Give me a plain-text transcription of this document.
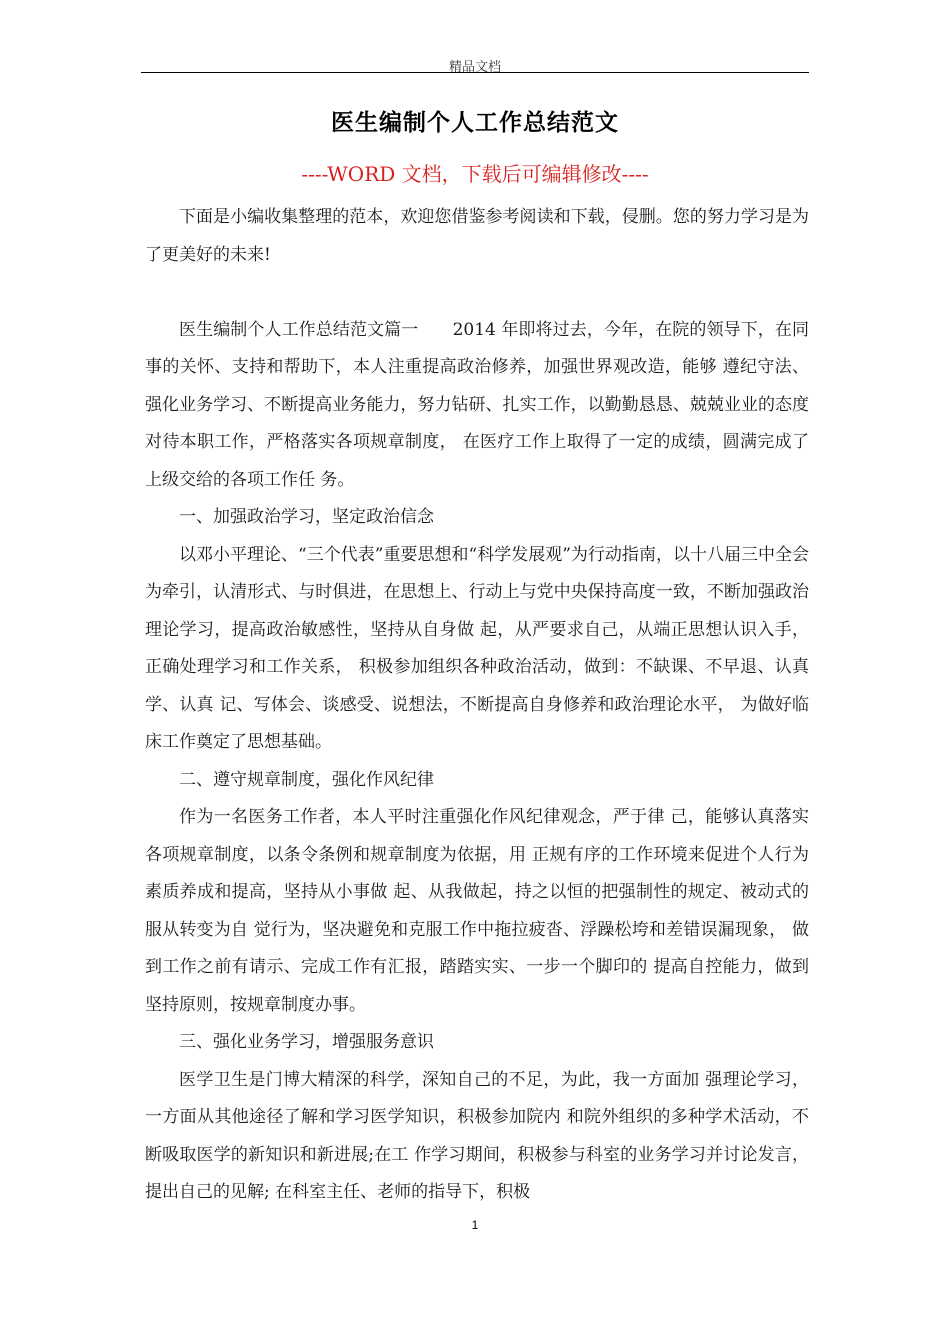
精品文档
医生编制个人工作总结范文
----WORD 文档，下载后可编辑修改----

下面是小编收集整理的范本，欢迎您借鉴参考阅读和下载，侵删。您的努力学习是为了更美好的未来!

医生编制个人工作总结范文篇一　　2014 年即将过去，今年，在院的领导下，在同事的关怀、支持和帮助下，本人注重提高政治修养，加强世界观改造，能够 遵纪守法、强化业务学习、不断提高业务能力，努力钻研、扎实工作，以勤勤恳恳、兢兢业业的态度对待本职工作，严格落实各项规章制度， 在医疗工作上取得了一定的成绩，圆满完成了上级交给的各项工作任 务。

一、加强政治学习，坚定政治信念

以邓小平理论、“三个代表”重要思想和“科学发展观”为行动指南，以十八届三中全会为牵引，认清形式、与时俱进，在思想上、行动上与党中央保持高度一致，不断加强政治理论学习，提高政治敏感性，坚持从自身做 起，从严要求自己，从端正思想认识入手，正确处理学习和工作关系， 积极参加组织各种政治活动，做到：不缺课、不早退、认真学、认真 记、写体会、谈感受、说想法，不断提高自身修养和政治理论水平， 为做好临床工作奠定了思想基础。

二、遵守规章制度，强化作风纪律

作为一名医务工作者，本人平时注重强化作风纪律观念，严于律 己，能够认真落实各项规章制度，以条令条例和规章制度为依据，用 正规有序的工作环境来促进个人行为素质养成和提高，坚持从小事做 起、从我做起，持之以恒的把强制性的规定、被动式的服从转变为自 觉行为，坚决避免和克服工作中拖拉疲沓、浮躁松垮和差错误漏现象， 做到工作之前有请示、完成工作有汇报，踏踏实实、一步一个脚印的 提高自控能力，做到坚持原则，按规章制度办事。

三、强化业务学习，增强服务意识

医学卫生是门博大精深的科学，深知自己的不足，为此，我一方面加 强理论学习，一方面从其他途径了解和学习医学知识，积极参加院内 和院外组织的多种学术活动，不断吸取医学的新知识和新进展;在工 作学习期间，积极参与科室的业务学习并讨论发言，提出自己的见解; 在科室主任、老师的指导下，积极

1
